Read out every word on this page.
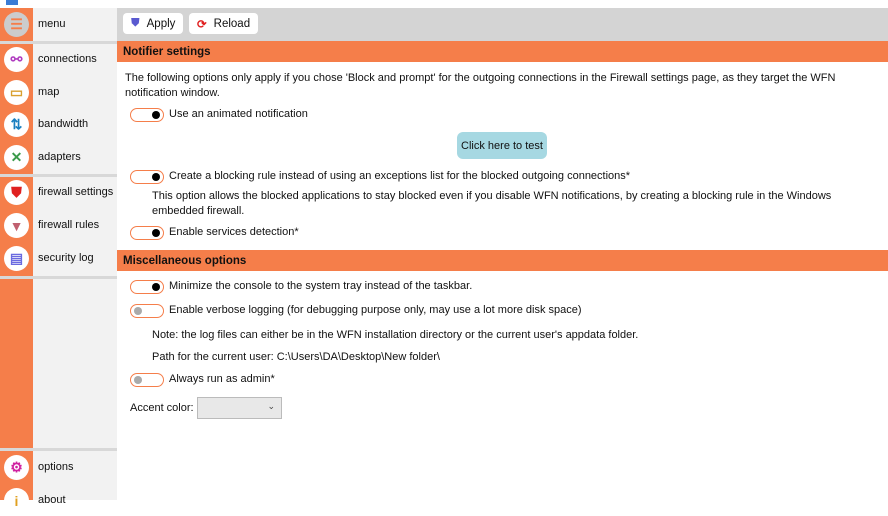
☰	menu
⚯	connections
▭	map
⇅	bandwidth
✕	adapters
⛊	firewall settings
▼	firewall rules
▤	security log
⚙	options
i	about
⛊ Apply ⟳ Reload
Notifier settings
The following options only apply if you chose 'Block and prompt' for the outgoing connections in the Firewall settings page, as they target the WFN notification window.
Use an animated notification
Click here to test
Create a blocking rule instead of using an exceptions list for the blocked outgoing connections*
This option allows the blocked applications to stay blocked even if you disable WFN notifications, by creating a blocking rule in the Windows embedded firewall.
Enable services detection*
Miscellaneous options
Minimize the console to the system tray instead of the taskbar.
Enable verbose logging (for debugging purpose only, may use a lot more disk space)
Note: the log files can either be in the WFN installation directory or the current user's appdata folder.
Path for the current user: C:\Users\DA\Desktop\New folder\
Always run as admin*
Accent color:	⌄
